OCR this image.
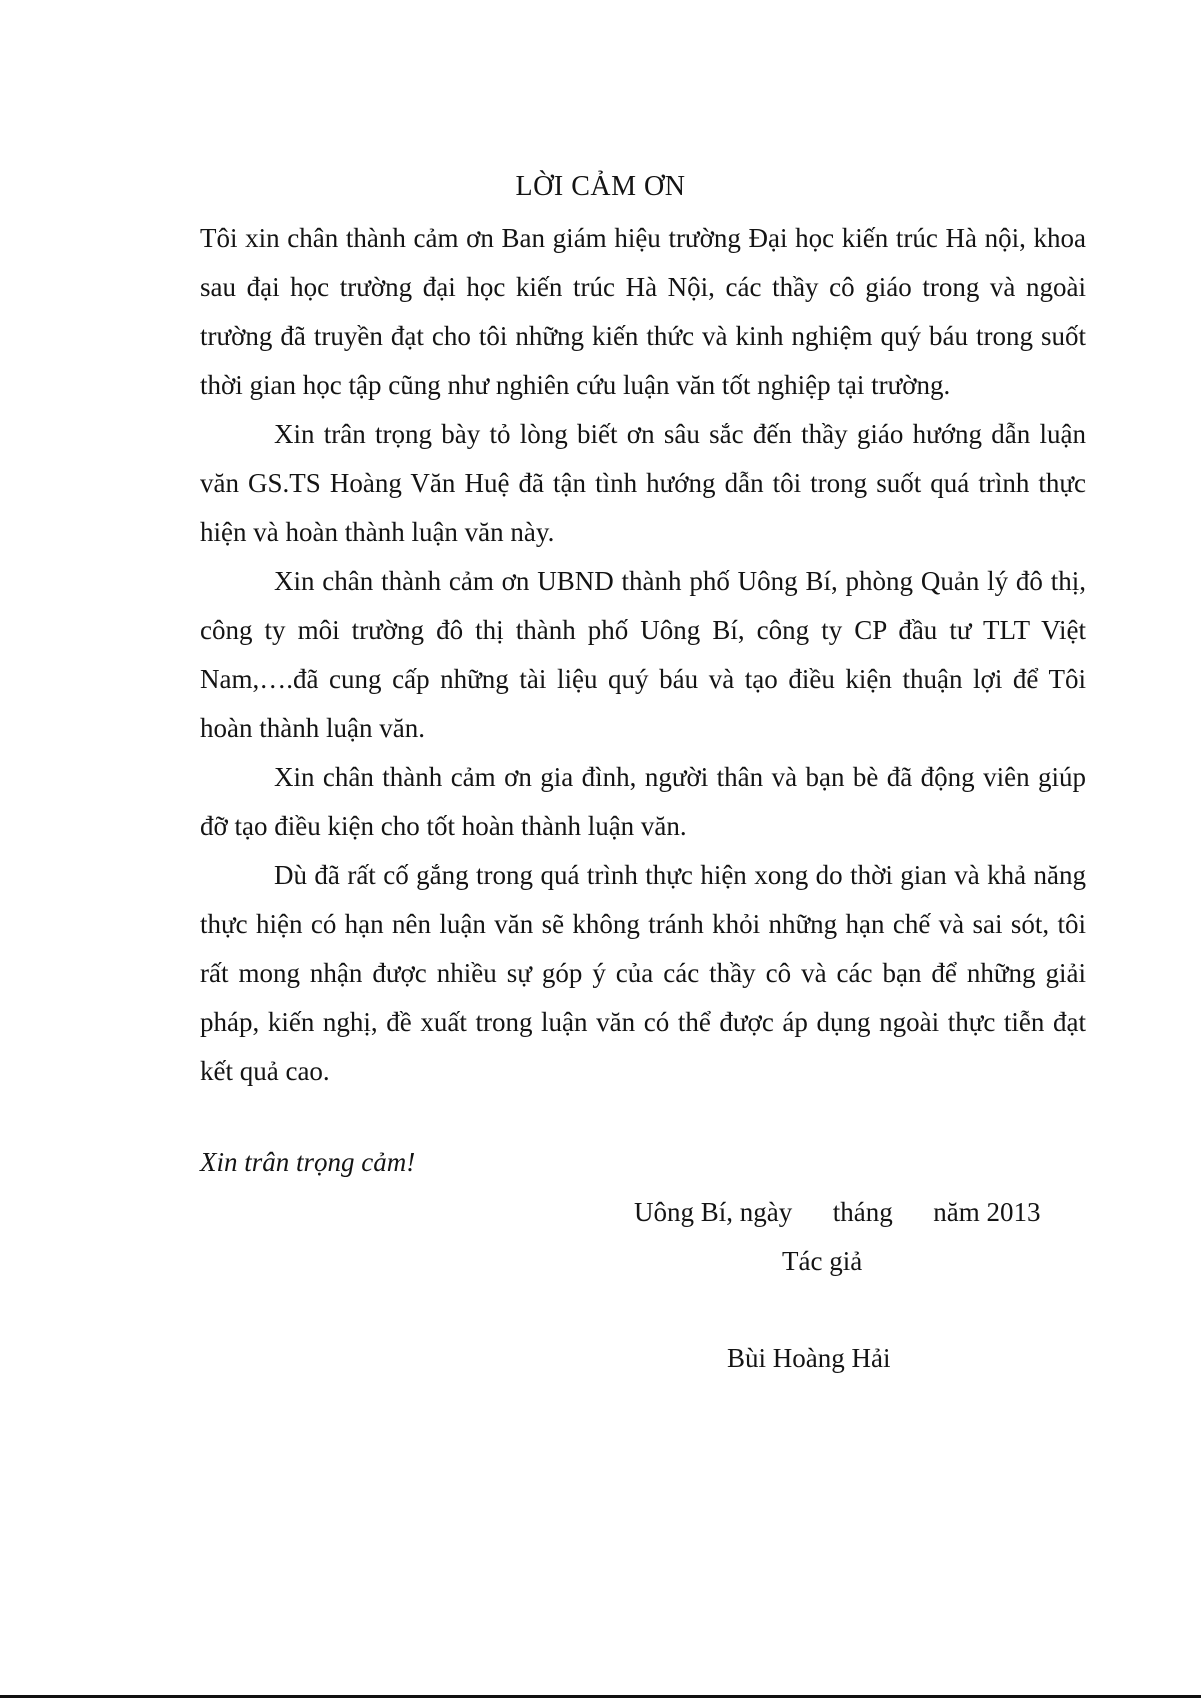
LỜI CẢM ƠN

Tôi xin chân thành cảm ơn Ban giám hiệu trường Đại học kiến trúc Hà nội, khoa sau đại học trường đại học kiến trúc Hà Nội, các thầy cô giáo trong và ngoài trường đã truyền đạt cho tôi những kiến thức và kinh nghiệm quý báu trong suốt thời gian học tập cũng như nghiên cứu luận văn tốt nghiệp tại trường.

Xin trân trọng bày tỏ lòng biết ơn sâu sắc đến thầy giáo hướng dẫn luận văn GS.TS Hoàng Văn Huệ đã tận tình hướng dẫn tôi trong suốt quá trình thực hiện và hoàn thành luận văn này.

Xin chân thành cảm ơn UBND thành phố Uông Bí, phòng Quản lý đô thị, công ty môi trường đô thị thành phố Uông Bí, công ty CP đầu tư TLT Việt Nam,….đã cung cấp những tài liệu quý báu và tạo điều kiện thuận lợi để Tôi hoàn thành luận văn.

Xin chân thành cảm ơn gia đình, người thân và bạn bè đã động viên giúp đỡ tạo điều kiện cho tốt hoàn thành luận văn.

Dù đã rất cố gắng trong quá trình thực hiện xong do thời gian và khả năng thực hiện có hạn nên luận văn sẽ không tránh khỏi những hạn chế và sai sót, tôi rất mong nhận được nhiều sự góp ý của các thầy cô và các bạn để những giải pháp, kiến nghị, đề xuất trong luận văn có thể được áp dụng ngoài thực tiễn đạt kết quả cao.

Xin trân trọng cảm!
Uông Bí, ngày      tháng      năm 2013
Tác giả
Bùi Hoàng Hải
